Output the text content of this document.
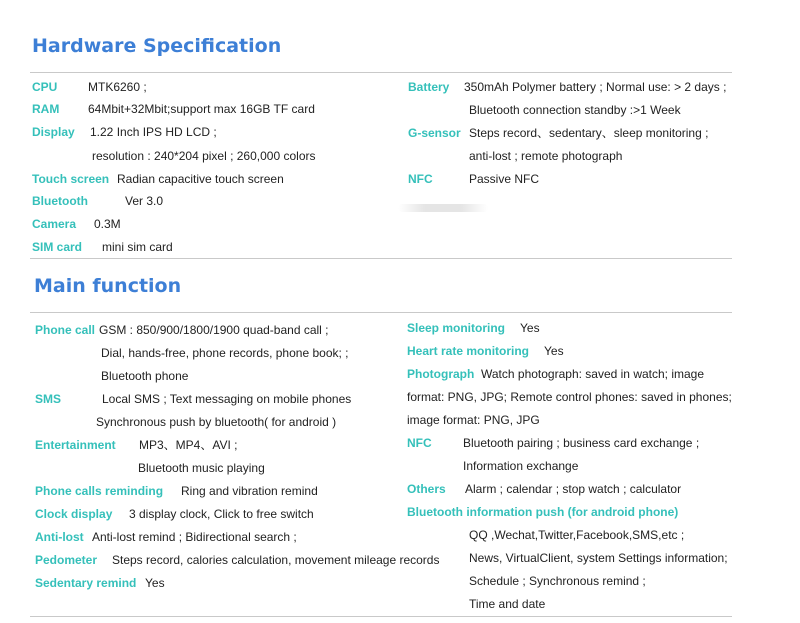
Hardware Specification
CPU	MTK6260 ;
RAM 64Mbit+32Mbit;support max 16GB TF card
Display 1.22 Inch IPS HD LCD ;
resolution : 240*204 pixel ; 260,000 colors
Touch screen Radian capacitive touch screen
Bluetooth	Ver 3.0
Camera 0.3M
SIM card mini sim card
Battery 350mAh Polymer battery ; Normal use: > 2 days ;
Bluetooth connection standby :>1 Week
G-sensor Steps record、sedentary、sleep monitoring ;
anti-lost ; remote photograph
NFC	Passive NFC
Main function
Phone call GSM : 850/900/1800/1900 quad-band call ;
Dial, hands-free, phone records, phone book; ;
Bluetooth phone
SMS	Local SMS ; Text messaging on mobile phones
Synchronous push by bluetooth( for android )
Entertainment MP3、MP4、AVI ;
Bluetooth music playing
Phone calls reminding Ring and vibration remind
Clock display 3 display clock, Click to free switch
Anti-lost Anti-lost remind ; Bidirectional search ;
Pedometer Steps record, calories calculation, movement mileage records
Sedentary remind Yes
Sleep monitoring Yes
Heart rate monitoring Yes
Photograph Watch photograph: saved in watch; image
format: PNG, JPG; Remote control phones: saved in phones;
image format: PNG, JPG
NFC	Bluetooth pairing ; business card exchange ;
Information exchange
Others Alarm ; calendar ; stop watch ; calculator
Bluetooth information push (for android phone)
QQ ,Wechat,Twitter,Facebook,SMS,etc ;
News, VirtualClient, system Settings information;
Schedule ; Synchronous remind ;
Time and date
